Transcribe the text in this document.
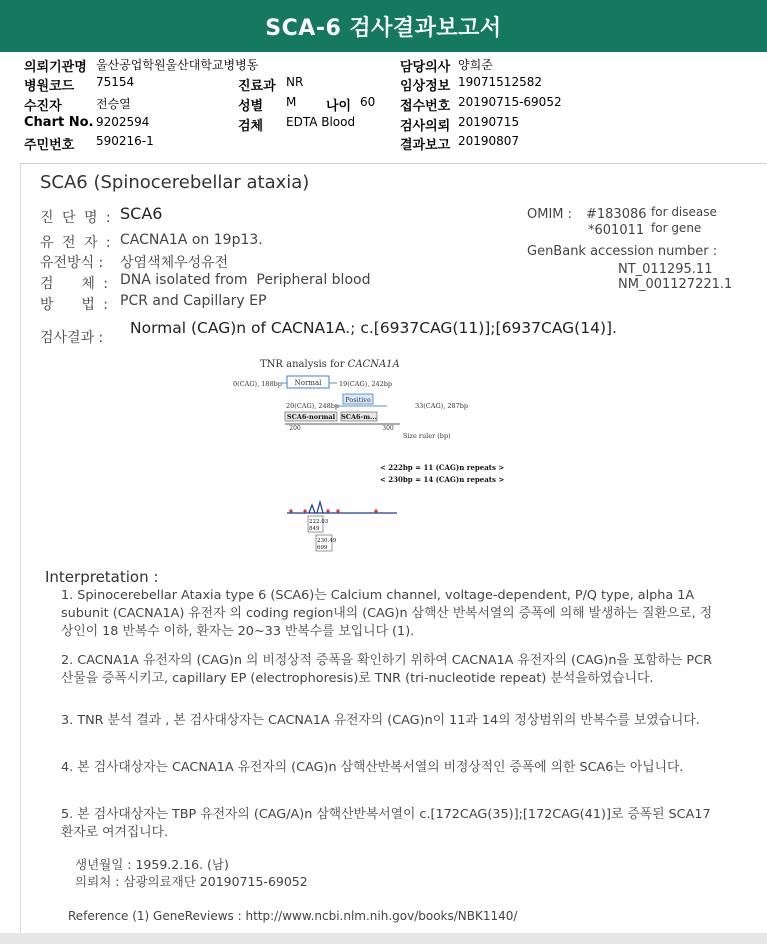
SCA-6 검사결과보고서
의뢰기관명 울산공업학원울산대학교병병동
병원코드 75154
수진자	전승열
Chart No. 9202594
주민번호 590216-1
진료과 NR
성별 M 나이 60
검체 EDTA Blood
담당의사 양희준
임상정보 19071512582
접수번호 20190715-69052
검사의뢰 20190715
결과보고 20190807
SCA6 (Spinocerebellar ataxia)
진 단 명 : SCA6
유 전 자 : CACNA1A on 19p13.
유전방식 : 상염색체우성유전
검    체 : DNA isolated from  Peripheral blood
방    법 : PCR and Capillary EP
OMIM : #183086 for disease
*601011 for gene
GenBank accession number :
NT_011295.11
NM_001127221.1
검사결과 :
Normal (CAG)n of CACNA1A.; c.[6937CAG(11)];[6937CAG(14)].
TNR analysis for CACNA1A
0(CAG), 188bp Normal	19(CAG), 242bp
Positive
20(CAG), 248bp	33(CAG), 287bp
SCA6-normal SCA6-m...
200	300
Size ruler (bp)
< 222bp = 11 (CAG)n repeats >
< 230bp = 14 (CAG)n repeats >
222.03
849
230.49
699
Interpretation :
1. Spinocerebellar Ataxia type 6 (SCA6)는 Calcium channel, voltage-dependent, P/Q type, alpha 1A subunit (CACNA1A) 유전자 의 coding region내의 (CAG)n 삼핵산 반복서열의 증폭에 의해 발생하는 질환으로, 정상인이 18 반복수 이하, 환자는 20~33 반복수를 보입니다 (1).
2. CACNA1A 유전자의 (CAG)n 의 비정상적 증폭을 확인하기 위하여 CACNA1A 유전자의 (CAG)n을 포함하는 PCR 산물을 증폭시키고, capillary EP (electrophoresis)로 TNR (tri-nucleotide repeat) 분석을하였습니다.
3. TNR 분석 결과 , 본 검사대상자는 CACNA1A 유전자의 (CAG)n이 11과 14의 정상범위의 반복수를 보였습니다.
4. 본 검사대상자는 CACNA1A 유전자의 (CAG)n 삼핵산반복서열의 비정상적인 증폭에 의한 SCA6는 아닙니다.
5. 본 검사대상자는 TBP 유전자의 (CAG/A)n 삼핵산반복서열이 c.[172CAG(35)];[172CAG(41)]로 증폭된 SCA17 환자로 여겨집니다.
생년월일 : 1959.2.16. (남)
의뢰처 : 삼광의료재단 20190715-69052
Reference (1) GeneReviews : http://www.ncbi.nlm.nih.gov/books/NBK1140/
